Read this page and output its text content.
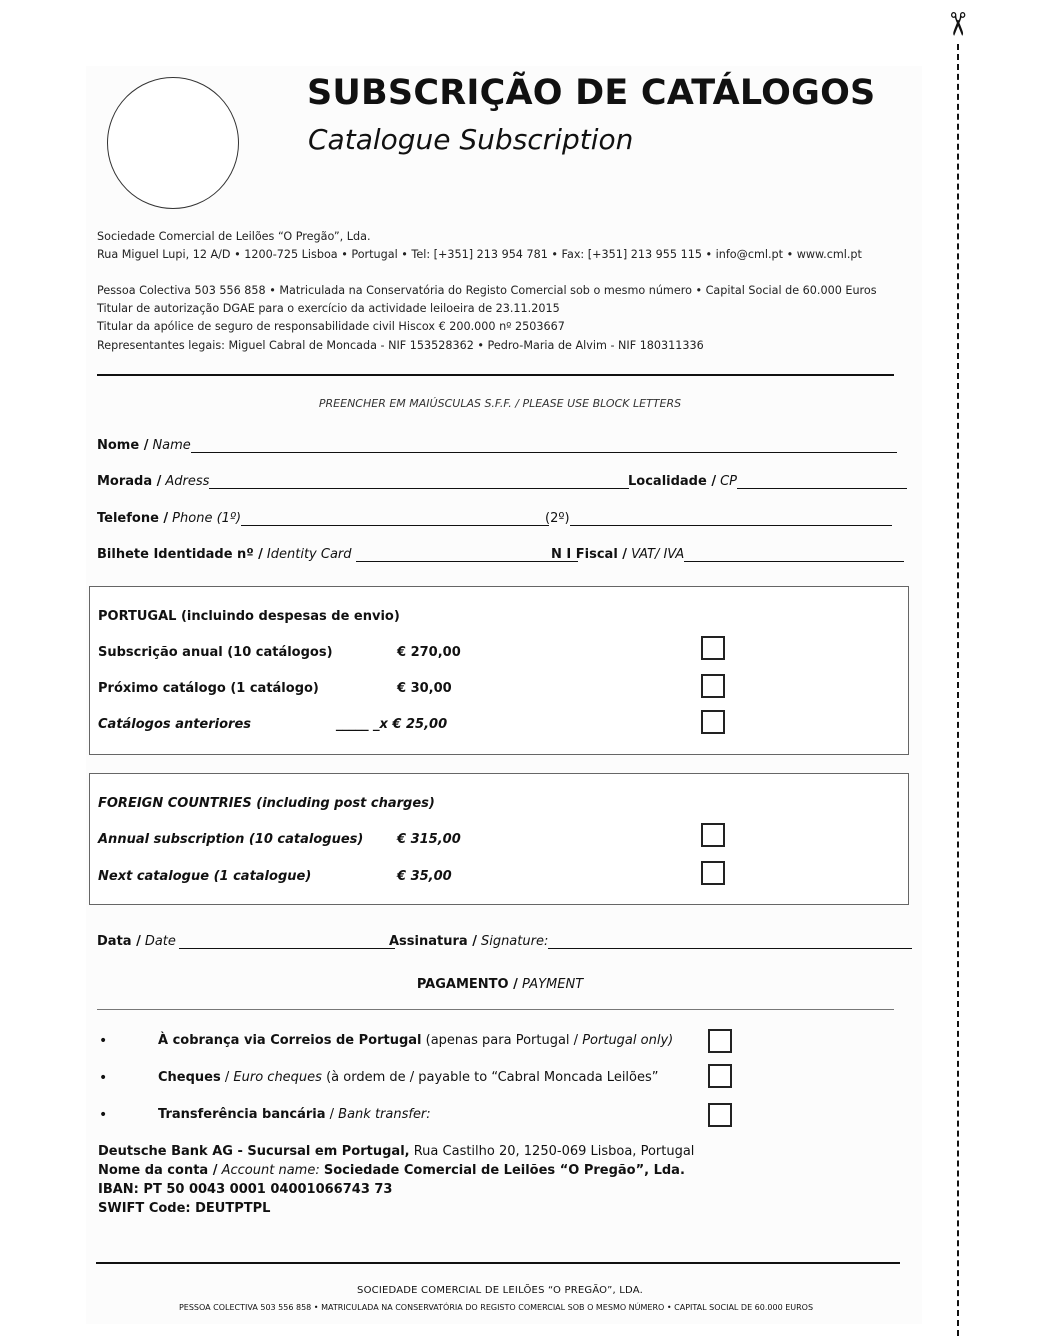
SUBSCRIÇÃO DE CATÁLOGOS
Catalogue Subscription
Sociedade Comercial de Leilões “O Pregão”, Lda.
Rua Miguel Lupi, 12 A/D • 1200-725 Lisboa • Portugal • Tel: [+351] 213 954 781 • Fax: [+351] 213 955 115 • info@cml.pt • www.cml.pt
Pessoa Colectiva 503 556 858 • Matriculada na Conservatória do Registo Comercial sob o mesmo número • Capital Social de 60.000 Euros
Titular de autorização DGAE para o exercício da actividade leiloeira de 23.11.2015
Titular da apólice de seguro de responsabilidade civil Hiscox € 200.000 nº 2503667
Representantes legais: Miguel Cabral de Moncada - NIF 153528362 • Pedro-Maria de Alvim - NIF 180311336
PREENCHER EM MAIÚSCULAS S.F.F. / PLEASE USE BLOCK LETTERS
Nome / Name
Morada / Adress	Localidade / CP
Telefone / Phone (1º)	(2º)
Bilhete Identidade nº / Identity Card	N I Fiscal / VAT/ IVA
PORTUGAL (incluindo despesas de envio)
Subscrição anual (10 catálogos)	€ 270,00
Próximo catálogo (1 catálogo)	€ 30,00
Catálogos anteriores	_____ _x € 25,00
FOREIGN COUNTRIES (including post charges)
Annual subscription (10 catalogues)	€ 315,00
Next catalogue (1 catalogue)	€ 35,00
Data / Date	Assinatura / Signature:
PAGAMENTO / PAYMENT
•	À cobrança via Correios de Portugal (apenas para Portugal / Portugal only)
•	Cheques / Euro cheques (à ordem de / payable to “Cabral Moncada Leilões”
•	Transferência bancária / Bank transfer:
Deutsche Bank AG - Sucursal em Portugal, Rua Castilho 20, 1250-069 Lisboa, Portugal
Nome da conta / Account name: Sociedade Comercial de Leilões “O Pregão”, Lda.
IBAN: PT 50 0043 0001 04001066743 73
SWIFT Code: DEUTPTPL
SOCIEDADE COMERCIAL DE LEILÕES “O PREGÃO”, LDA.
PESSOA COLECTIVA 503 556 858 • MATRICULADA NA CONSERVATÓRIA DO REGISTO COMERCIAL SOB O MESMO NÚMERO • CAPITAL SOCIAL DE 60.000 EUROS
✂
